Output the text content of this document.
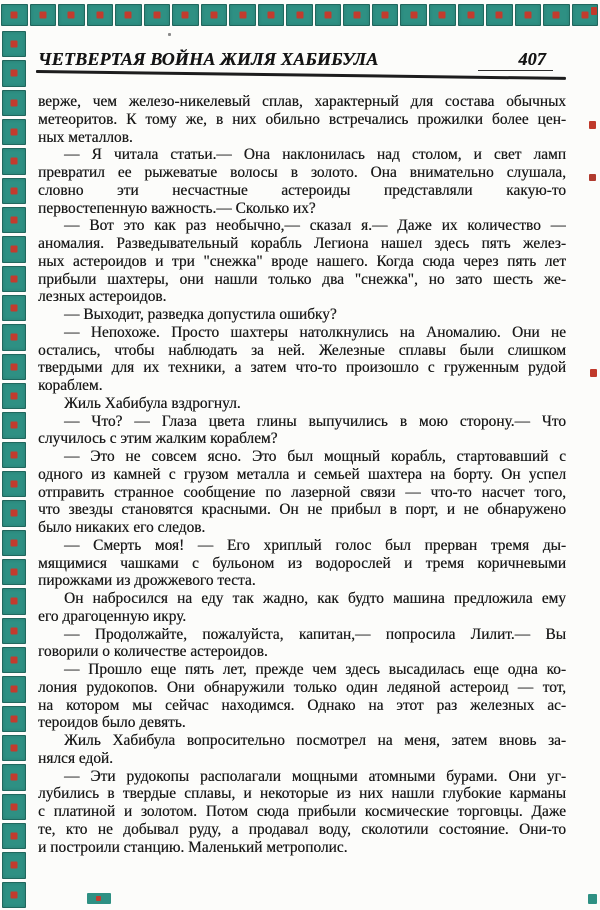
ЧЕТВЕРТАЯ ВОЙНА ЖИЛЯ ХАБИБУЛА	407
верже, чем железо-никелевый сплав, характерный для состава обычных
метеоритов. К тому же, в них обильно встречались прожилки более цен-
ных металлов.
— Я читала статьи.— Она наклонилась над столом, и свет ламп
превратил ее рыжеватые волосы в золото. Она внимательно слушала,
словно эти несчастные астероиды представляли какую-то
первостепенную важность.— Сколько их?
— Вот это как раз необычно,— сказал я.— Даже их количество —
аномалия. Разведывательный корабль Легиона нашел здесь пять желез-
ных астероидов и три "снежка" вроде нашего. Когда сюда через пять лет
прибыли шахтеры, они нашли только два "снежка", но зато шесть же-
лезных астероидов.
— Выходит, разведка допустила ошибку?
— Непохоже. Просто шахтеры натолкнулись на Аномалию. Они не
остались, чтобы наблюдать за ней. Железные сплавы были слишком
твердыми для их техники, а затем что-то произошло с груженным рудой
кораблем.
Жиль Хабибула вздрогнул.
— Что? — Глаза цвета глины выпучились в мою сторону.— Что
случилось с этим жалким кораблем?
— Это не совсем ясно. Это был мощный корабль, стартовавший с
одного из камней с грузом металла и семьей шахтера на борту. Он успел
отправить странное сообщение по лазерной связи — что-то насчет того,
что звезды становятся красными. Он не прибыл в порт, и не обнаружено
было никаких его следов.
— Смерть моя! — Его хриплый голос был прерван тремя ды-
мящимися чашками с бульоном из водорослей и тремя коричневыми
пирожками из дрожжевого теста.
Он набросился на еду так жадно, как будто машина предложила ему
его драгоценную икру.
— Продолжайте, пожалуйста, капитан,— попросила Лилит.— Вы
говорили о количестве астероидов.
— Прошло еще пять лет, прежде чем здесь высадилась еще одна ко-
лония рудокопов. Они обнаружили только один ледяной астероид — тот,
на котором мы сейчас находимся. Однако на этот раз железных ас-
тероидов было девять.
Жиль Хабибула вопросительно посмотрел на меня, затем вновь за-
нялся едой.
— Эти рудокопы располагали мощными атомными бурами. Они уг-
лубились в твердые сплавы, и некоторые из них нашли глубокие карманы
с платиной и золотом. Потом сюда прибыли космические торговцы. Даже
те, кто не добывал руду, а продавал воду, сколотили состояние. Они-то
и построили станцию. Маленький метрополис.
